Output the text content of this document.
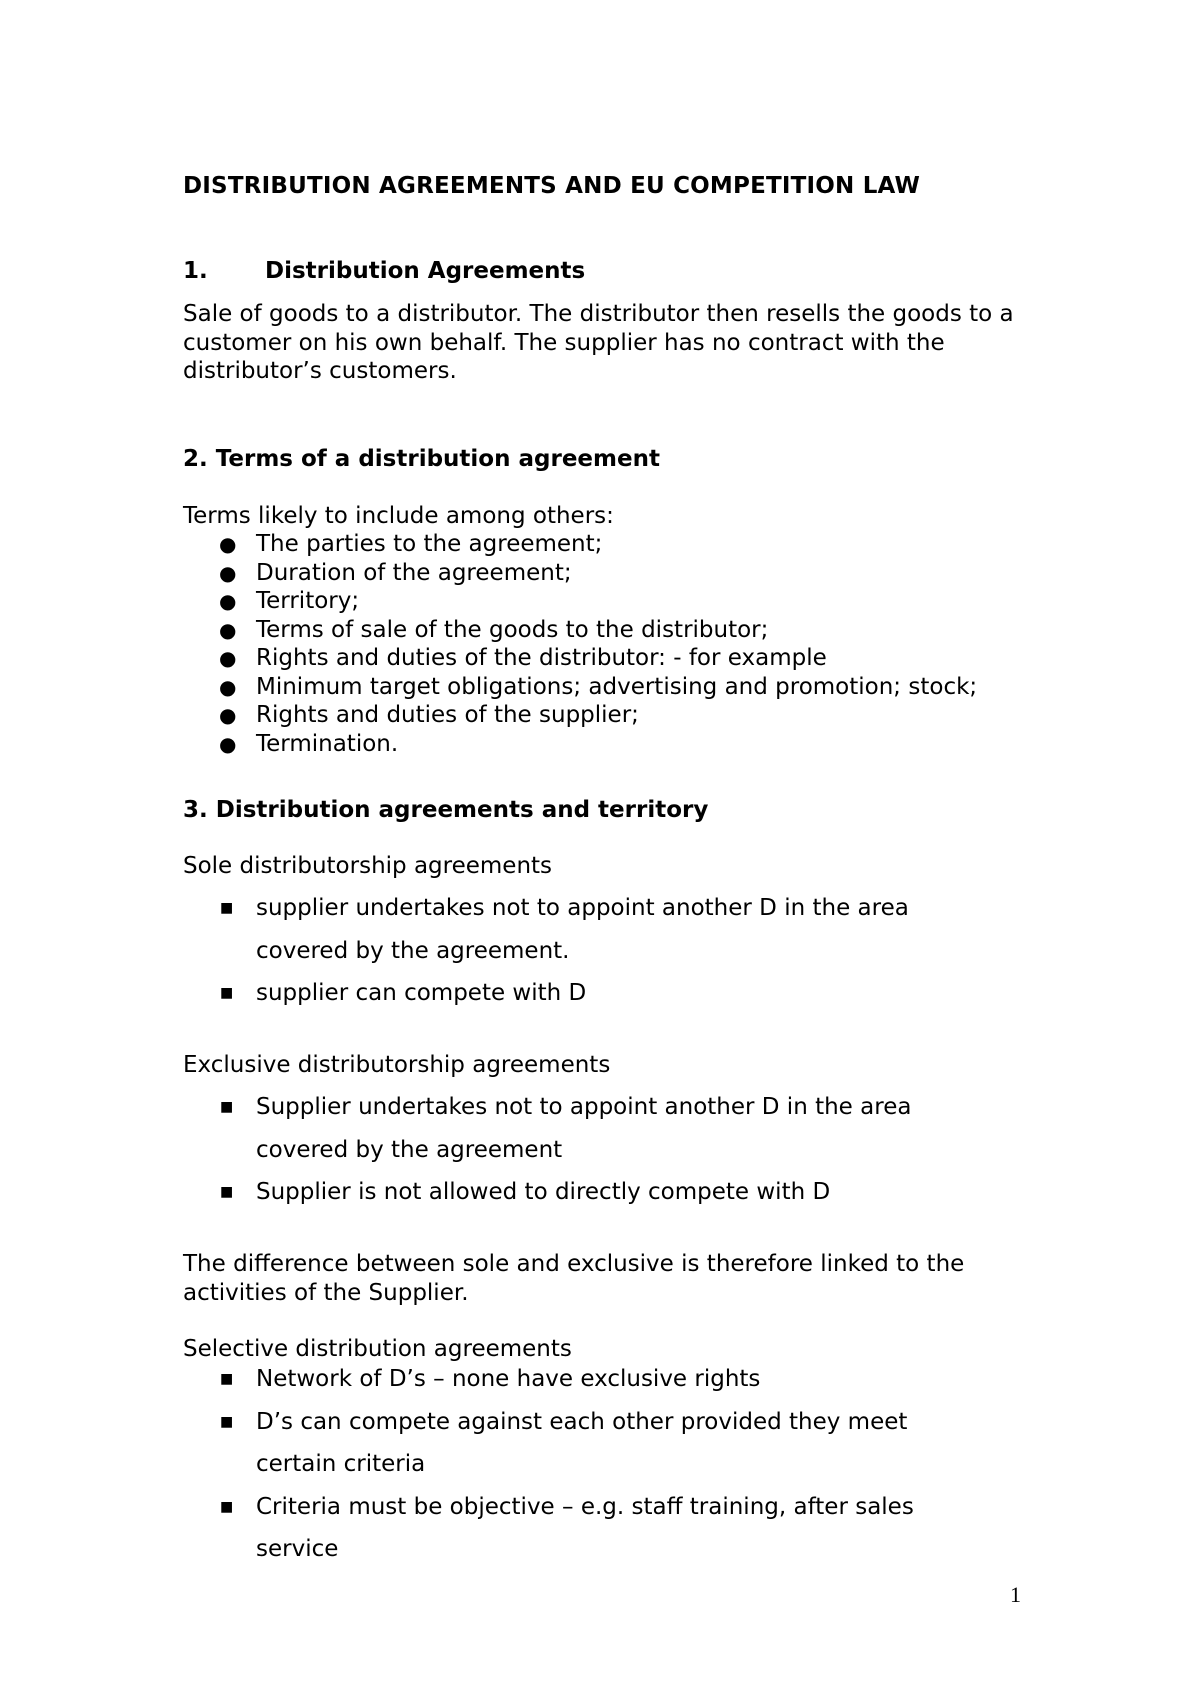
DISTRIBUTION AGREEMENTS AND EU COMPETITION LAW
1. Distribution Agreements
Sale of goods to a distributor. The distributor then resells the goods to a customer on his own behalf. The supplier has no contract with the distributor’s customers.
2. Terms of a distribution agreement
Terms likely to include among others:
● The parties to the agreement;
● Duration of the agreement;
● Territory;
● Terms of sale of the goods to the distributor;
● Rights and duties of the distributor: - for example
● Minimum target obligations; advertising and promotion; stock;
● Rights and duties of the supplier;
● Termination.
3. Distribution agreements and territory
Sole distributorship agreements
■ supplier undertakes not to appoint another D in the area covered by the agreement.
■ supplier can compete with D
Exclusive distributorship agreements
■ Supplier undertakes not to appoint another D in the area covered by the agreement
■ Supplier is not allowed to directly compete with D
The difference between sole and exclusive is therefore linked to the activities of the Supplier.
Selective distribution agreements
■ Network of D’s – none have exclusive rights
■ D’s can compete against each other provided they meet certain criteria
■ Criteria must be objective – e.g. staff training, after sales service
1
